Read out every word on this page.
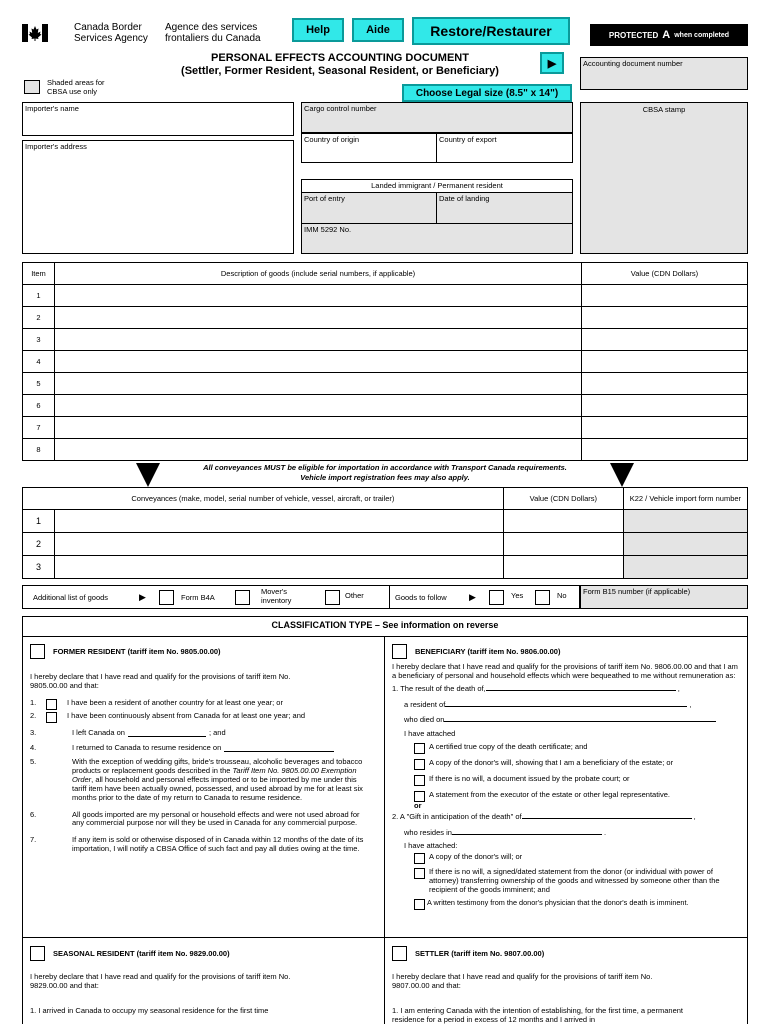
Canada Border
Services Agency
Agence des services
frontaliers du Canada
Help	Aide	Restore/Restaurer	PROTECTED A when completed
PERSONAL EFFECTS ACCOUNTING DOCUMENT
(Settler, Former Resident, Seasonal Resident, or Beneficiary)
▶
Choose Legal size (8.5" x 14")
Shaded areas for
CBSA use only
Accounting document number
Importer's name
Importer's address
Cargo control number
Country of origin	Country of export
Landed immigrant / Permanent resident
Port of entry	Date of landing
IMM 5292 No.
CBSA stamp
Item	Description of goods (include serial numbers, if applicable)	Value (CDN Dollars)
1		
2		
3		
4		
5		
6		
7		
8		
All conveyances MUST be eligible for importation in accordance with Transport Canada requirements.
Vehicle import registration fees may also apply.
Conveyances (make, model, serial number of vehicle, vessel, aircraft, or trailer)		Value (CDN Dollars)	K22 / Vehicle import form number
1			
2			
3			
Additional list of goods	▶	Form B4A
Mover's
inventory
Other	Goods to follow ▶	Yes	No Form B15 number (if applicable)
CLASSIFICATION TYPE – See information on reverse
FORMER RESIDENT (tariff item No. 9805.00.00)
I hereby declare that I have read and qualify for the provisions of tariff item No. 9805.00.00 and that:
1.	I have been a resident of another country for at least one year; or
2.	I have been continuously absent from Canada for at least one year; and
3.	I left Canada on	; and
4.	I returned to Canada to resume residence on
5.	With the exception of wedding gifts, bride's trousseau, alcoholic beverages and tobacco products or replacement goods described in the Tariff Item No. 9805.00.00 Exemption Order, all household and personal effects imported or to be imported by me under this tariff item have been actually owned, possessed, and used abroad by me for at least six months prior to the date of my return to Canada to resume residence.
6.	All goods imported are my personal or household effects and were not used abroad for any commercial purpose nor will they be used in Canada for any commercial purpose.
7.	If any item is sold or otherwise disposed of in Canada within 12 months of the date of its importation, I will notify a CBSA Office of such fact and pay all duties owing at the time.
BENEFICIARY (tariff item No. 9806.00.00)
I hereby declare that I have read and qualify for the provisions of tariff item No. 9806.00.00 and that I am a beneficiary of personal and household effects which were bequeathed to me without remuneration as:
1. The result of the death of,	,
a resident of	,
who died on
I have attached
A certified true copy of the death certificate; and
A copy of the donor's will, showing that I am a beneficiary of the estate; or
If there is no will, a document issued by the probate court; or
A statement from the executor of the estate or other legal representative.
or
2. A "Gift in anticipation of the death" of	,
who resides in	.
I have attached:
A copy of the donor's will; or
If there is no will, a signed/dated statement from the donor (or individual with power of attorney) transferring ownership of the goods and witnessed by someone other than the recipient of the goods imminent; and
A written testimony from the donor's physician that the donor's death is imminent.
SEASONAL RESIDENT (tariff item No. 9829.00.00)
I hereby declare that I have read and qualify for the provisions of tariff item No. 9829.00.00 and that:
1. I arrived in Canada to occupy my seasonal residence for the first time
SETTLER (tariff item No. 9807.00.00)
I hereby declare that I have read and qualify for the provisions of tariff item No. 9807.00.00 and that:
1. I am entering Canada with the intention of establishing, for the first time, a permanent residence for a period in excess of 12 months and I arrived in
